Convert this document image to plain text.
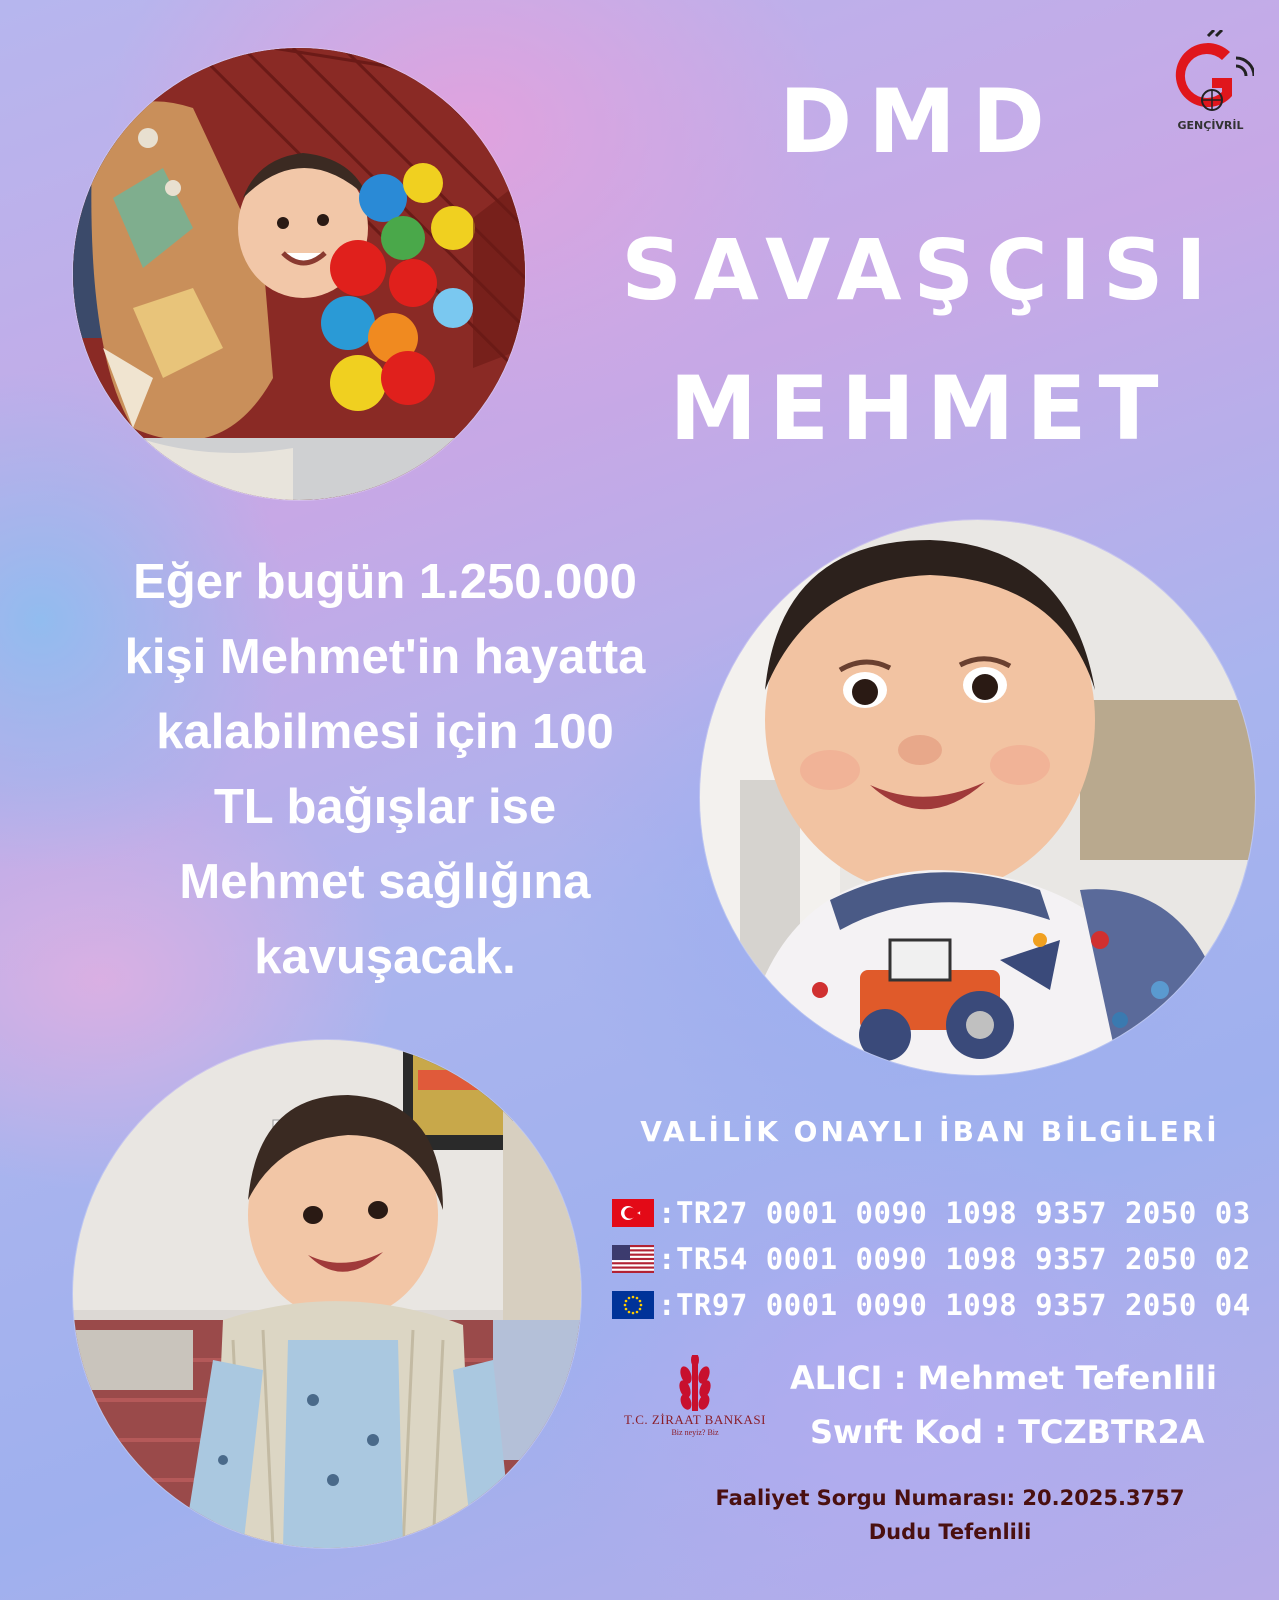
DMD
SAVAŞÇISI
MEHMET
GENÇİVRİL
Eğer bugün 1.250.000
kişi Mehmet'in hayatta
kalabilmesi için 100
TL bağışlar ise
Mehmet sağlığına
kavuşacak.
VALİLİK ONAYLI İBAN BİLGİLERİ
:TR27 0001 0090 1098 9357 2050 03
:TR54 0001 0090 1098 9357 2050 02
:TR97 0001 0090 1098 9357 2050 04
T.C. ZİRAAT BANKASI
Biz neyiz? Biz
ALICI : Mehmet Tefenlili
Swıft Kod : TCZBTR2A
Faaliyet Sorgu Numarası: 20.2025.3757
Dudu Tefenlili
